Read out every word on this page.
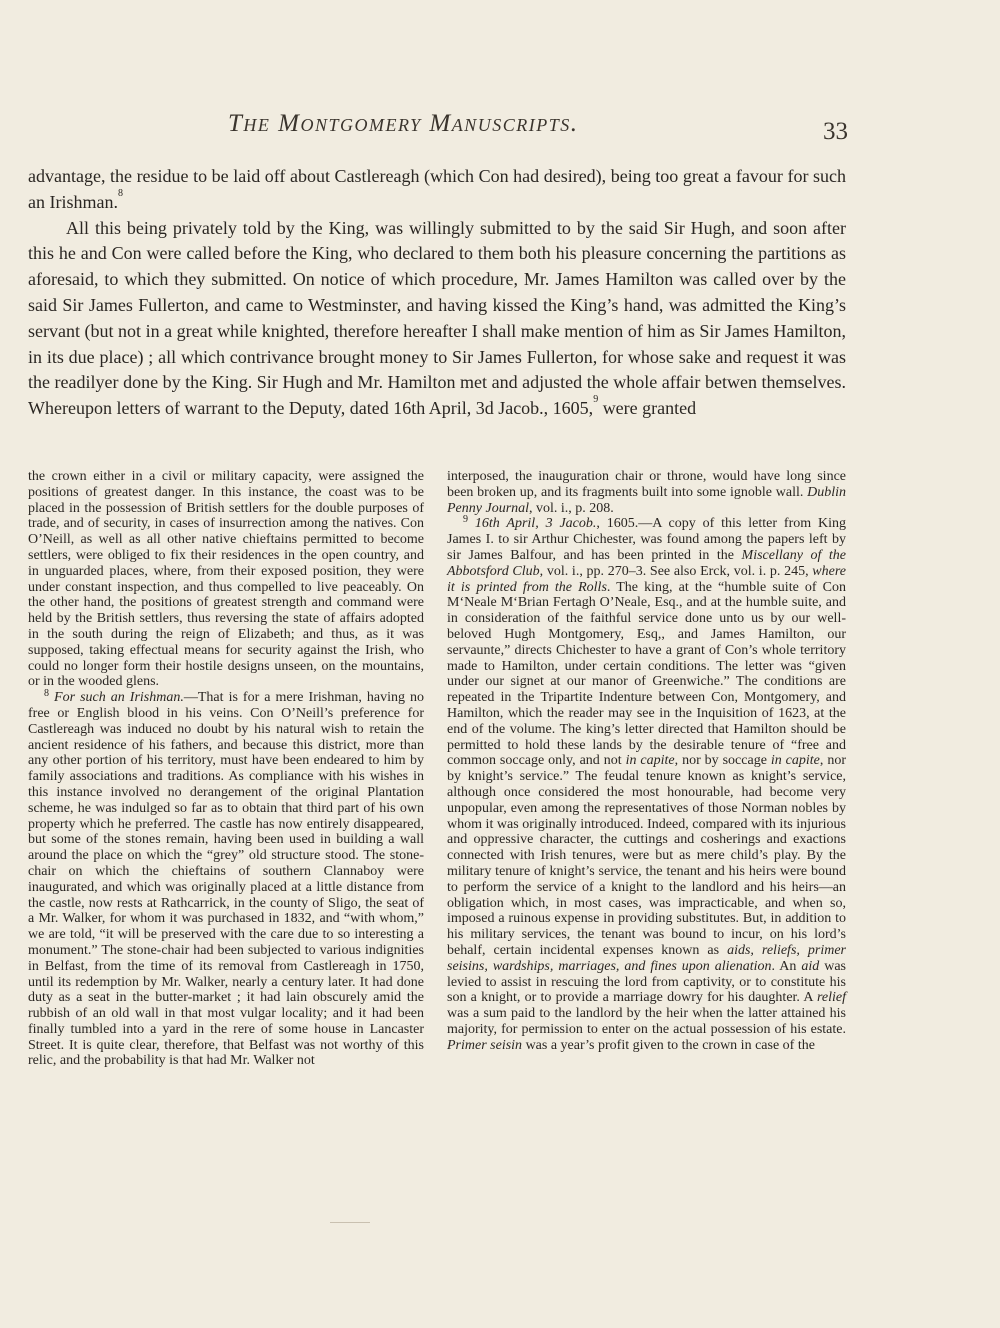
The Montgomery Manuscripts.	33

advantage, the residue to be laid off about Castlereagh (which Con had desired), being too great a favour for such an Irishman.$^8$

All this being privately told by the King, was willingly submitted to by the said Sir Hugh, and soon after this he and Con were called before the King, who declared to them both his pleasure concerning the partitions as aforesaid, to which they submitted. On notice of which procedure, Mr. James Hamilton was called over by the said Sir James Fullerton, and came to Westminster, and having kissed the King’s hand, was admitted the King’s servant (but not in a great while knighted, therefore hereafter I shall make mention of him as Sir James Hamilton, in its due place) ; all which contrivance brought money to Sir James Fullerton, for whose sake and request it was the readilyer done by the King. Sir Hugh and Mr. Hamilton met and adjusted the whole affair betwen themselves. Whereupon letters of warrant to the Deputy, dated 16th April, 3d Jacob., 1605,$^9$ were granted

the crown either in a civil or military capacity, were assigned the positions of greatest danger. In this instance, the coast was to be placed in the possession of British settlers for the double purposes of trade, and of security, in cases of insurrection among the natives. Con O’Neill, as well as all other native chieftains permitted to become settlers, were obliged to fix their residences in the open country, and in unguarded places, where, from their exposed position, they were under constant inspection, and thus compelled to live peaceably. On the other hand, the positions of greatest strength and command were held by the British settlers, thus reversing the state of affairs adopted in the south during the reign of Elizabeth; and thus, as it was supposed, taking effectual means for security against the Irish, who could no longer form their hostile designs unseen, on the mountains, or in the wooded glens.

$^8$ For such an Irishman.—That is for a mere Irishman, having no free or English blood in his veins. Con O’Neill’s preference for Castlereagh was induced no doubt by his natural wish to retain the ancient residence of his fathers, and because this district, more than any other portion of his territory, must have been endeared to him by family associations and traditions. As compliance with his wishes in this instance involved no derangement of the original Plantation scheme, he was indulged so far as to obtain that third part of his own property which he preferred. The castle has now entirely disappeared, but some of the stones remain, having been used in building a wall around the place on which the “grey” old structure stood. The stone-chair on which the chieftains of southern Clannaboy were inaugurated, and which was originally placed at a little distance from the castle, now rests at Rathcarrick, in the county of Sligo, the seat of a Mr. Walker, for whom it was purchased in 1832, and “with whom,” we are told, “it will be preserved with the care due to so interesting a monument.” The stone-chair had been subjected to various indignities in Belfast, from the time of its removal from Castlereagh in 1750, until its redemption by Mr. Walker, nearly a century later. It had done duty as a seat in the butter-market ; it had lain obscurely amid the rubbish of an old wall in that most vulgar locality; and it had been finally tumbled into a yard in the rere of some house in Lancaster Street. It is quite clear, therefore, that Belfast was not worthy of this relic, and the probability is that had Mr. Walker not

interposed, the inauguration chair or throne, would have long since been broken up, and its fragments built into some ignoble wall. Dublin Penny Journal, vol. i., p. 208.

$^9$ 16th April, 3 Jacob., 1605.—A copy of this letter from King James I. to sir Arthur Chichester, was found among the papers left by sir James Balfour, and has been printed in the Miscellany of the Abbotsford Club, vol. i., pp. 270–3. See also Erck, vol. i. p. 245, where it is printed from the Rolls. The king, at the “humble suite of Con M‘Neale M‘Brian Fertagh O’Neale, Esq., and at the humble suite, and in consideration of the faithful service done unto us by our well-beloved Hugh Montgomery, Esq,, and James Hamilton, our servaunte,” directs Chichester to have a grant of Con’s whole territory made to Hamilton, under certain conditions. The letter was “given under our signet at our manor of Greenwiche.” The conditions are repeated in the Tripartite Indenture between Con, Montgomery, and Hamilton, which the reader may see in the Inquisition of 1623, at the end of the volume. The king’s letter directed that Hamilton should be permitted to hold these lands by the desirable tenure of “free and common soccage only, and not in capite, nor by soccage in capite, nor by knight’s service.” The feudal tenure known as knight’s service, although once considered the most honourable, had become very unpopular, even among the representatives of those Norman nobles by whom it was originally introduced. Indeed, compared with its injurious and oppressive character, the cuttings and cosherings and exactions connected with Irish tenures, were but as mere child’s play. By the military tenure of knight’s service, the tenant and his heirs were bound to perform the service of a knight to the landlord and his heirs—an obligation which, in most cases, was impracticable, and when so, imposed a ruinous expense in providing substitutes. But, in addition to his military services, the tenant was bound to incur, on his lord’s behalf, certain incidental expenses known as aids, reliefs, primer seisins, wardships, marriages, and fines upon alienation. An aid was levied to assist in rescuing the lord from captivity, or to constitute his son a knight, or to provide a marriage dowry for his daughter. A relief was a sum paid to the landlord by the heir when the latter attained his majority, for permission to enter on the actual possession of his estate. Primer seisin was a year’s profit given to the crown in case of the
